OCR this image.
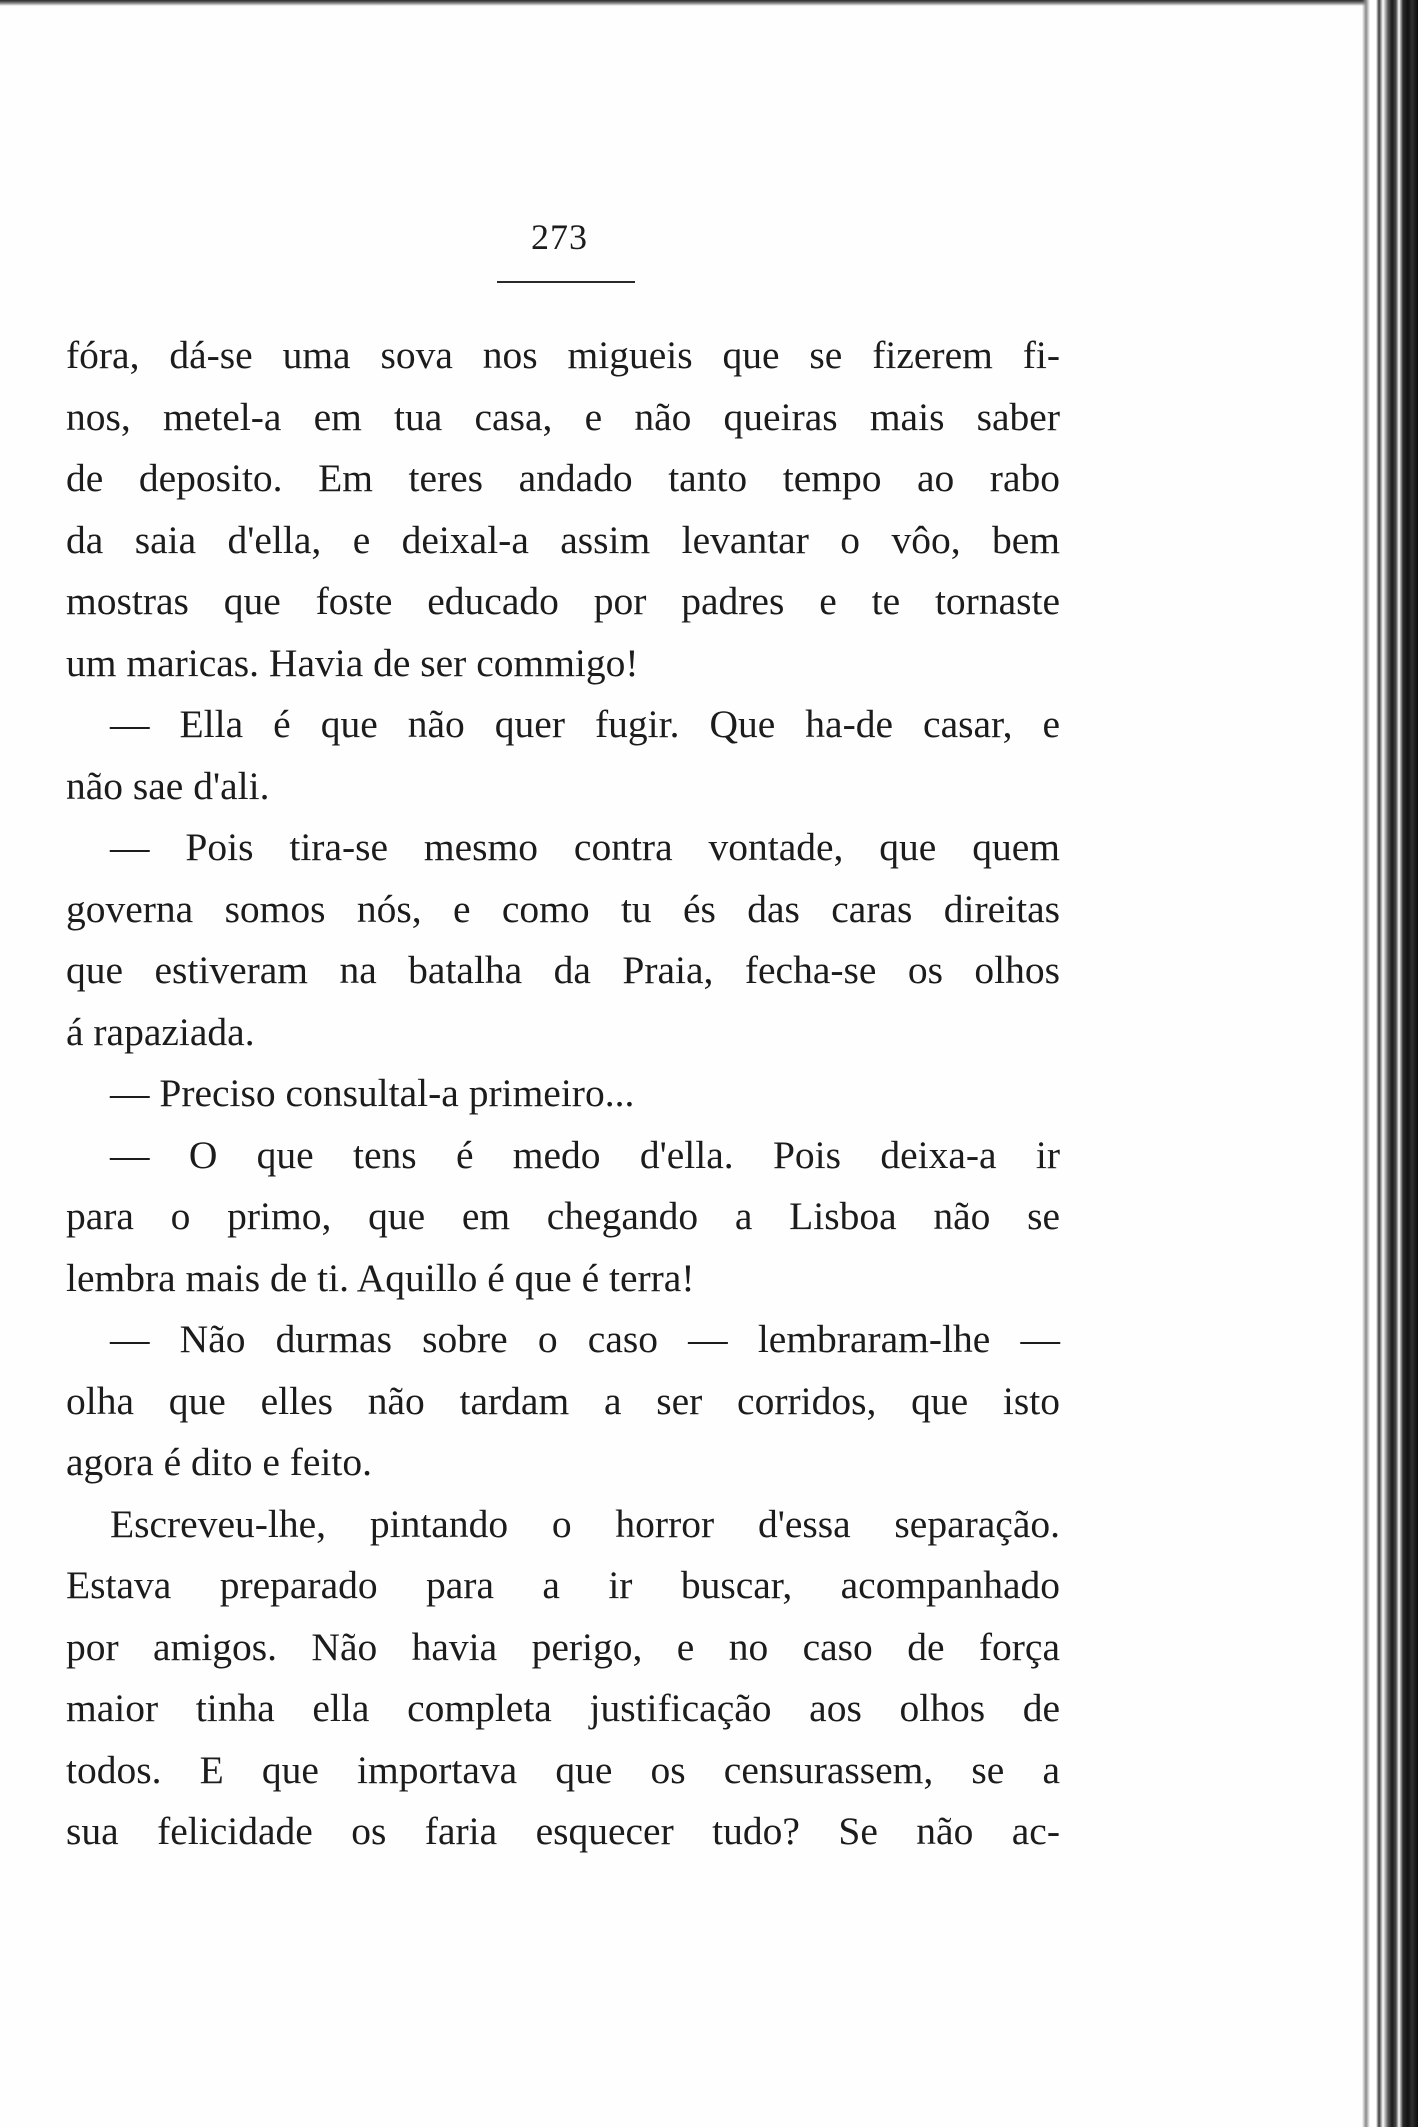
273
fóra, dá-se uma sova nos migueis que se fizerem fi-
nos, metel-a em tua casa, e não queiras mais saber
de deposito. Em teres andado tanto tempo ao rabo
da saia d'ella, e deixal-a assim levantar o vôo, bem
mostras que foste educado por padres e te tornaste
um maricas. Havia de ser commigo!
— Ella é que não quer fugir. Que ha-de casar, e
não sae d'ali.
— Pois tira-se mesmo contra vontade, que quem
governa somos nós, e como tu és das caras direitas
que estiveram na batalha da Praia, fecha-se os olhos
á rapaziada.
— Preciso consultal-a primeiro...
— O que tens é medo d'ella. Pois deixa-a ir
para o primo, que em chegando a Lisboa não se
lembra mais de ti. Aquillo é que é terra!
— Não durmas sobre o caso — lembraram-lhe —
olha que elles não tardam a ser corridos, que isto
agora é dito e feito.
Escreveu-lhe, pintando o horror d'essa separação.
Estava preparado para a ir buscar, acompanhado
por amigos. Não havia perigo, e no caso de força
maior tinha ella completa justificação aos olhos de
todos. E que importava que os censurassem, se a
sua felicidade os faria esquecer tudo? Se não ac-
